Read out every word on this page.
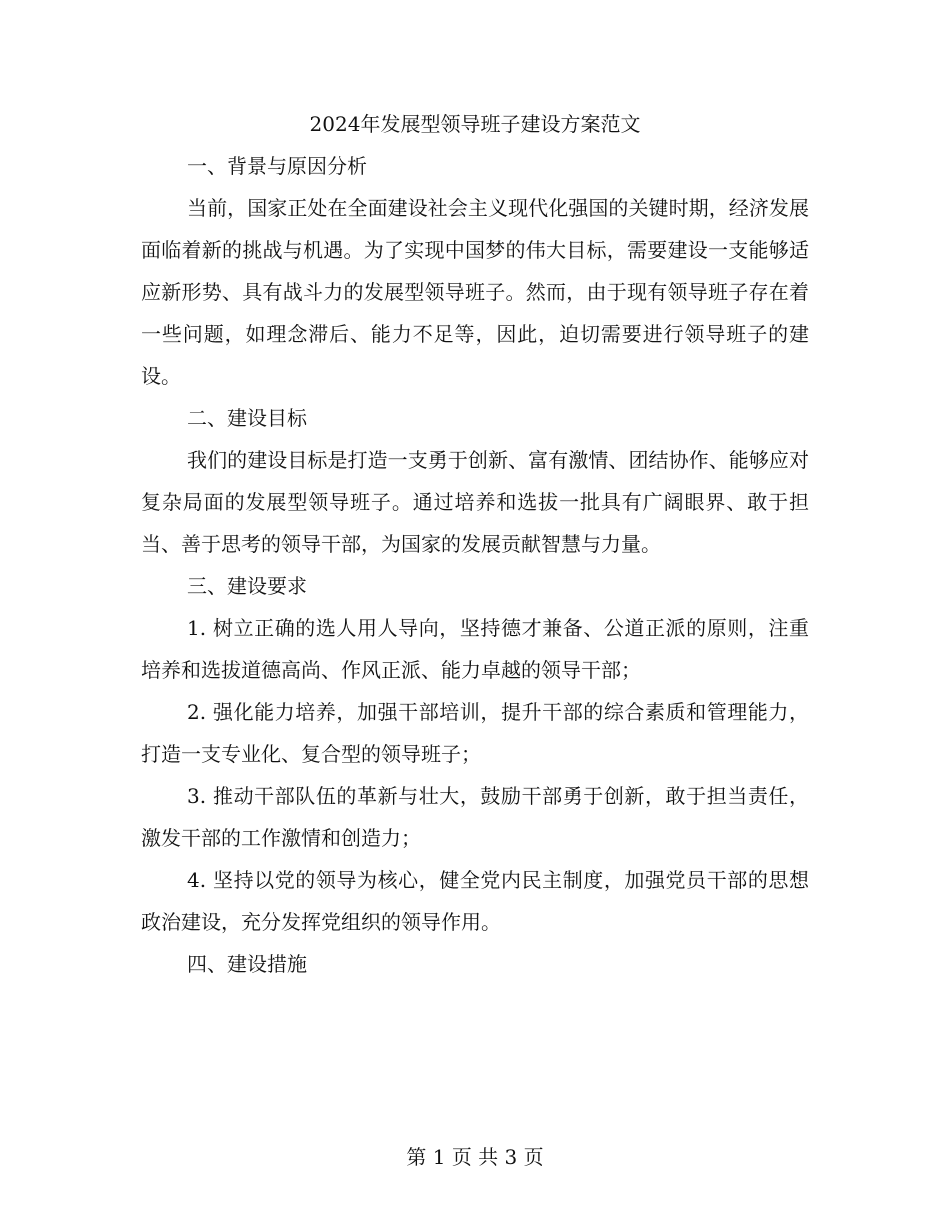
2024年发展型领导班子建设方案范文
一、背景与原因分析

当前，国家正处在全面建设社会主义现代化强国的关键时期，经济发展面临着新的挑战与机遇。为了实现中国梦的伟大目标，需要建设一支能够适应新形势、具有战斗力的发展型领导班子。然而，由于现有领导班子存在着一些问题，如理念滞后、能力不足等，因此，迫切需要进行领导班子的建设。

二、建设目标

我们的建设目标是打造一支勇于创新、富有激情、团结协作、能够应对复杂局面的发展型领导班子。通过培养和选拔一批具有广阔眼界、敢于担当、善于思考的领导干部，为国家的发展贡献智慧与力量。

三、建设要求

1. 树立正确的选人用人导向，坚持德才兼备、公道正派的原则，注重培养和选拔道德高尚、作风正派、能力卓越的领导干部；

2. 强化能力培养，加强干部培训，提升干部的综合素质和管理能力，打造一支专业化、复合型的领导班子；

3. 推动干部队伍的革新与壮大，鼓励干部勇于创新，敢于担当责任，激发干部的工作激情和创造力；

4. 坚持以党的领导为核心，健全党内民主制度，加强党员干部的思想政治建设，充分发挥党组织的领导作用。

四、建设措施
第 1 页 共 3 页
